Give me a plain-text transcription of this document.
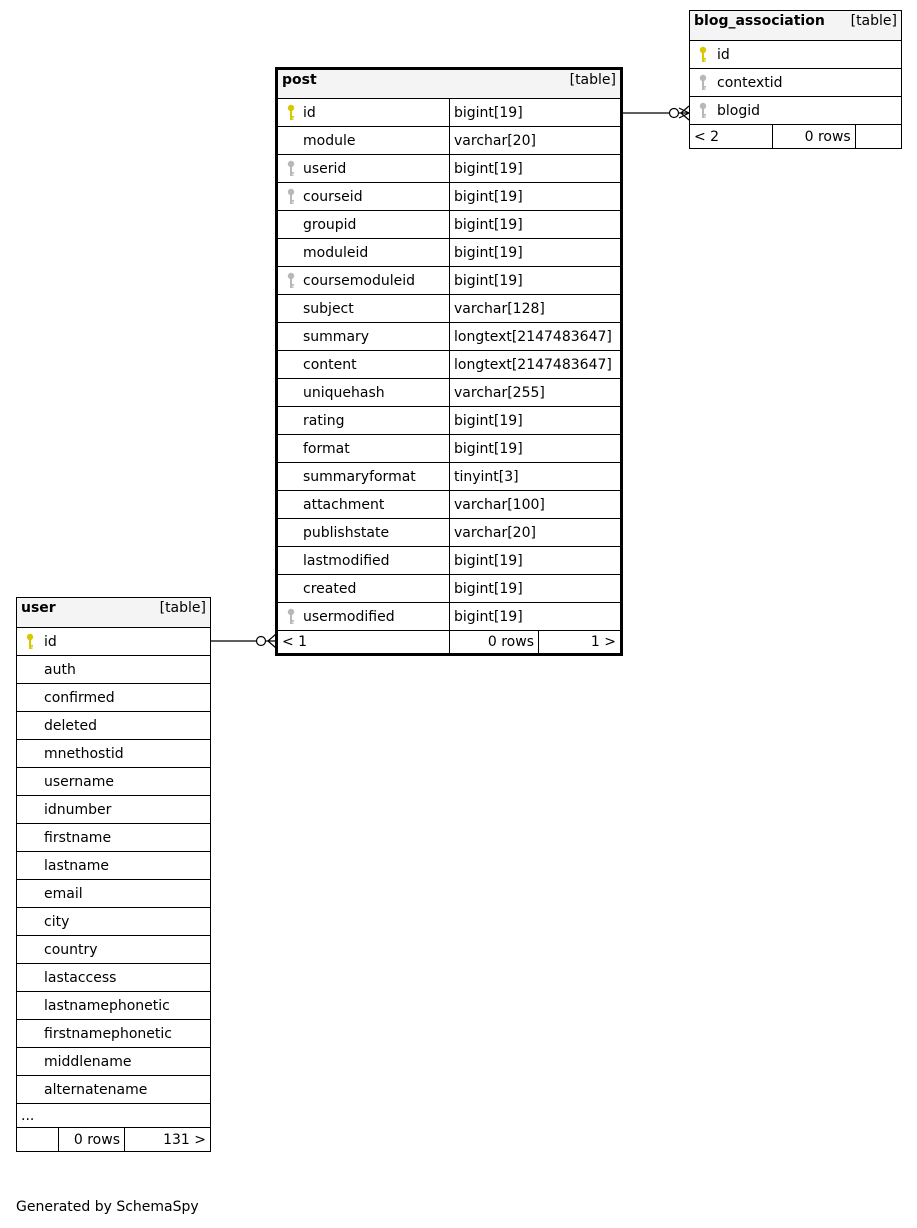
blog_association [table]

id

contextid

blogid
< 2	0 rows	
post [table]		

id	bigint[19]	
module	varchar[20]	

userid	bigint[19]	

courseid	bigint[19]	
groupid	bigint[19]	
moduleid	bigint[19]	

coursemoduleid	bigint[19]	
subject	varchar[128]	
summary	longtext[2147483647]	
content	longtext[2147483647]	
uniquehash	varchar[255]	
rating	bigint[19]	
format	bigint[19]	
summaryformat	tinyint[3]	
attachment	varchar[100]	
publishstate	varchar[20]	
lastmodified	bigint[19]	
created	bigint[19]	

usermodified	bigint[19]	
< 1	0 rows	1 >
user	[table]

id
auth
confirmed
deleted
mnethostid
username
idnumber
firstname
lastname
email
city
country
lastaccess
lastnamephonetic
firstnamephonetic
middlename
alternatename
...
	0 rows	131 >
Generated by SchemaSpy
